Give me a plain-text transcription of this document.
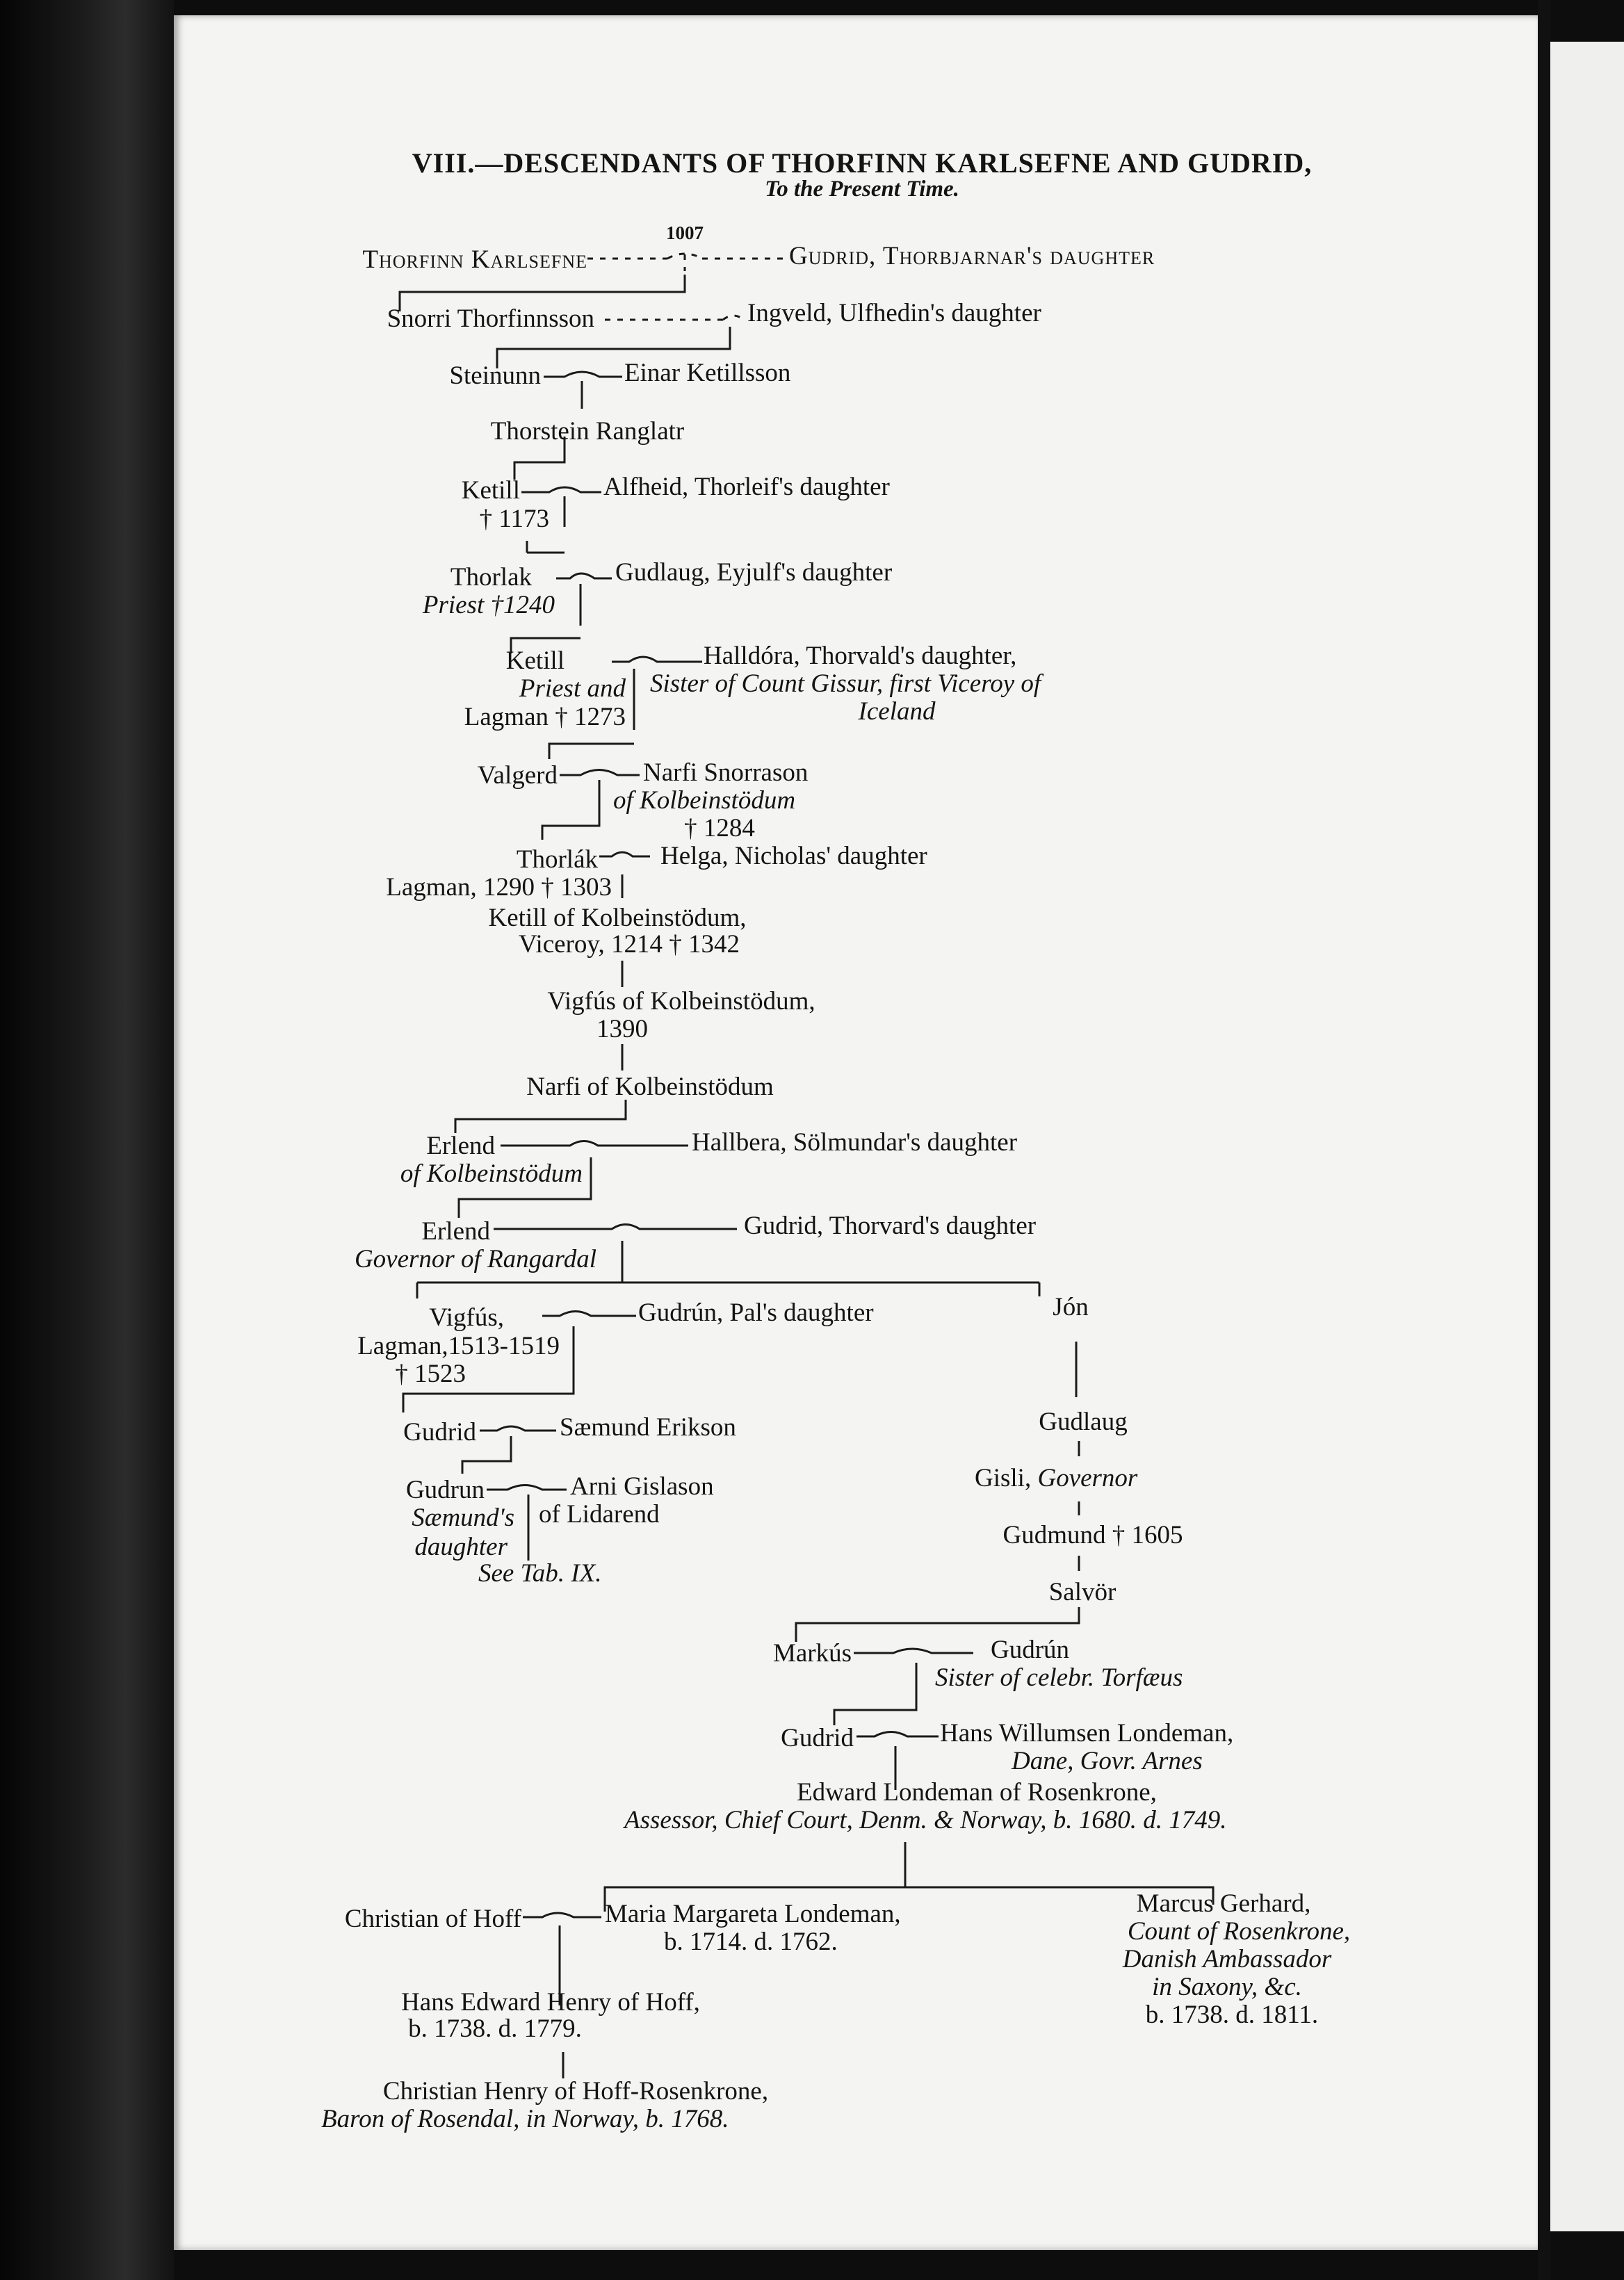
VIII.—DESCENDANTS OF THORFINN KARLSEFNE AND GUDRID,
To the Present Time.
1007
Thorfinn Karlsefne	Gudrid, Thorbjarnar's daughter
Snorri Thorfinnsson	Ingveld, Ulfhedin's daughter
Steinunn	Einar Ketillsson
Thorstein Ranglatr
Ketill
† 1173
Alfheid, Thorleif's daughter
Thorlak
Priest †1240
Gudlaug, Eyjulf's daughter
Ketill
Priest and
Lagman † 1273
Halldóra, Thorvald's daughter,
Sister of Count Gissur, first Viceroy of
Iceland
Valgerd	Narfi Snorrason
of Kolbeinstödum
† 1284
Thorlák
Lagman, 1290 † 1303
Helga, Nicholas' daughter
Ketill of Kolbeinstödum,
Viceroy, 1214 † 1342
Vigfús of Kolbeinstödum,
1390
Narfi of Kolbeinstödum
Erlend
of Kolbeinstödum
Hallbera, Sölmundar's daughter
Erlend
Governor of Rangardal
Gudrid, Thorvard's daughter
Vigfús,
Lagman,1513-1519
† 1523
Gudrún, Pal's daughter	Jón
Gudrid	Sæmund Erikson
Gudrun
Sæmund's
daughter
Arni Gislason
of Lidarend
See Tab. IX.
Gudlaug
Gisli, Governor
Gudmund † 1605
Salvör
Markús	Gudrún
Sister of celebr. Torfæus
Gudrid	Hans Willumsen Londeman,
Dane, Govr. Arnes
Edward Londeman of Rosenkrone,
Assessor, Chief Court, Denm. & Norway, b. 1680. d. 1749.
Christian of Hoff	Maria Margareta Londeman,
b. 1714. d. 1762.
Marcus Gerhard,
Count of Rosenkrone,
Danish Ambassador
in Saxony, &c.
b. 1738. d. 1811.
Hans Edward Henry of Hoff,
b. 1738. d. 1779.
Christian Henry of Hoff-Rosenkrone,
Baron of Rosendal, in Norway, b. 1768.
